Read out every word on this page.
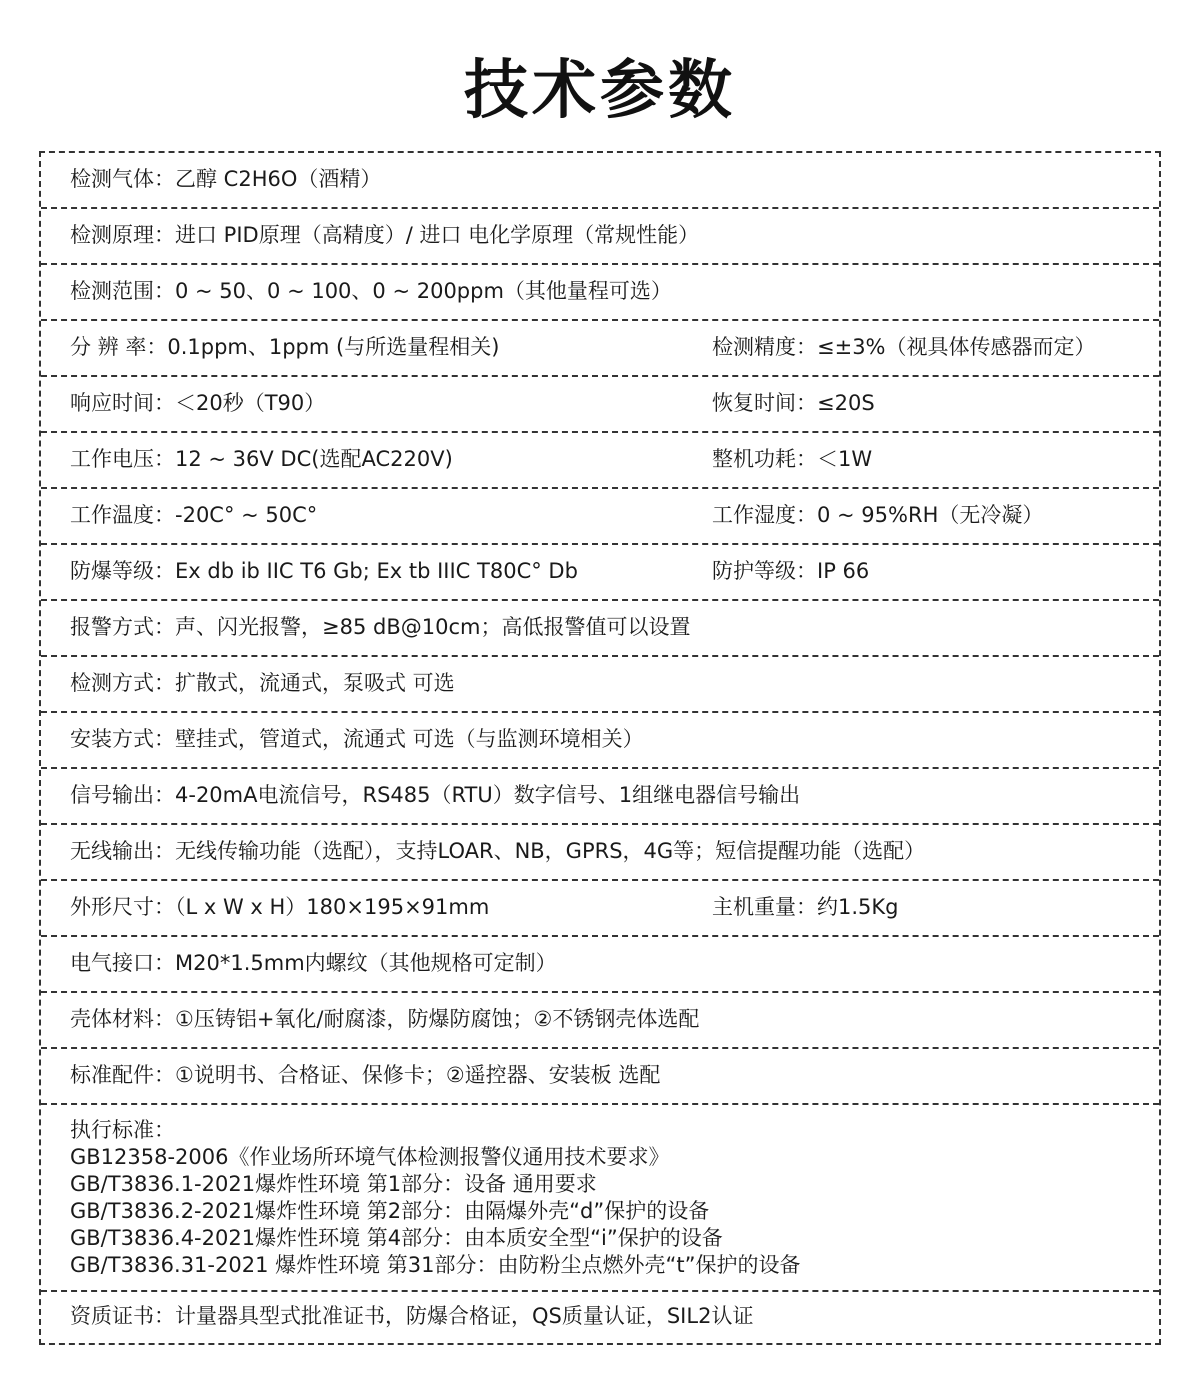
技术参数
检测气体：乙醇 C2H6O（酒精）
检测原理：进口 PID原理（高精度）/ 进口 电化学原理（常规性能）
检测范围：0 ~ 50、0 ~ 100、0 ~ 200ppm（其他量程可选）
分 辨 率：0.1ppm、1ppm (与所选量程相关)	检测精度：≤±3%（视具体传感器而定）
响应时间：＜20秒（T90）	恢复时间：≤20S
工作电压：12 ~ 36V DC(选配AC220V)	整机功耗：＜1W
工作温度：-20C° ~ 50C°	工作湿度：0 ~ 95%RH（无冷凝）
防爆等级：Ex db ib IIC T6 Gb; Ex tb IIIC T80C° Db	防护等级：IP 66
报警方式：声、闪光报警，≥85 dB@10cm；高低报警值可以设置
检测方式：扩散式，流通式，泵吸式 可选
安装方式：壁挂式，管道式，流通式 可选（与监测环境相关）
信号输出：4-20mA电流信号，RS485（RTU）数字信号、1组继电器信号输出
无线输出：无线传输功能（选配），支持LOAR、NB，GPRS，4G等；短信提醒功能（选配）
外形尺寸：（L x W x H）180×195×91mm	主机重量：约1.5Kg
电气接口：M20*1.5mm内螺纹（其他规格可定制）
壳体材料：①压铸铝+氧化/耐腐漆，防爆防腐蚀；②不锈钢壳体选配
标准配件：①说明书、合格证、保修卡；②遥控器、安装板 选配
执行标准：
GB12358-2006《作业场所环境气体检测报警仪通用技术要求》
GB/T3836.1-2021爆炸性环境 第1部分：设备 通用要求
GB/T3836.2-2021爆炸性环境 第2部分：由隔爆外壳“d”保护的设备
GB/T3836.4-2021爆炸性环境 第4部分：由本质安全型“i”保护的设备
GB/T3836.31-2021 爆炸性环境 第31部分：由防粉尘点燃外壳“t”保护的设备
资质证书：计量器具型式批准证书，防爆合格证，QS质量认证，SIL2认证
